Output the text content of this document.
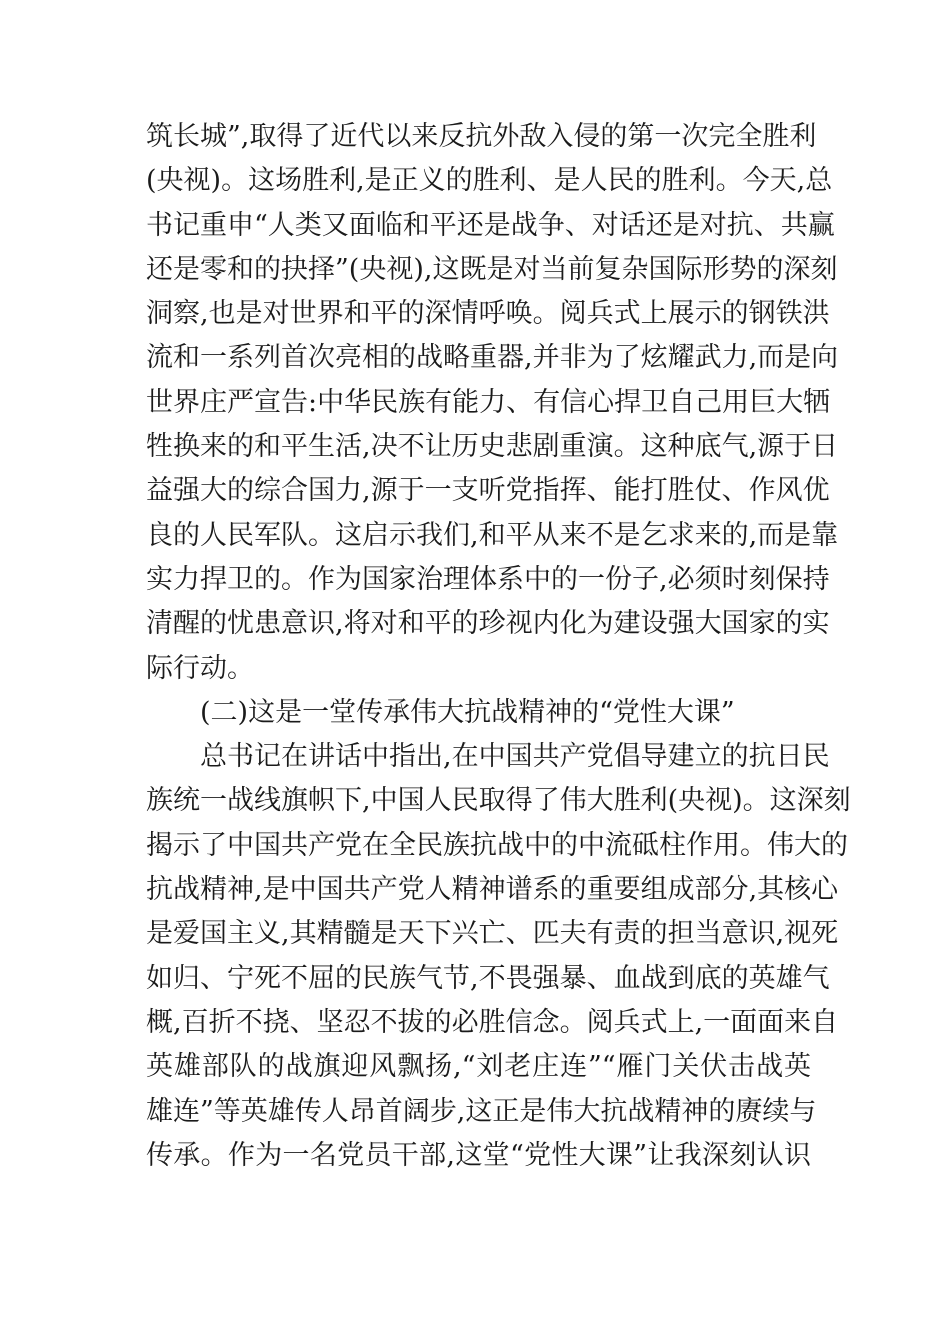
筑长城”,取得了近代以来反抗外敌入侵的第一次完全胜利
(央视)。这场胜利,是正义的胜利、是人民的胜利。今天,总
书记重申“人类又面临和平还是战争、对话还是对抗、共赢
还是零和的抉择”(央视),这既是对当前复杂国际形势的深刻
洞察,也是对世界和平的深情呼唤。阅兵式上展示的钢铁洪
流和一系列首次亮相的战略重器,并非为了炫耀武力,而是向
世界庄严宣告:中华民族有能力、有信心捍卫自己用巨大牺
牲换来的和平生活,决不让历史悲剧重演。这种底气,源于日
益强大的综合国力,源于一支听党指挥、能打胜仗、作风优
良的人民军队。这启示我们,和平从来不是乞求来的,而是靠
实力捍卫的。作为国家治理体系中的一份子,必须时刻保持
清醒的忧患意识,将对和平的珍视内化为建设强大国家的实
际行动。
(二)这是一堂传承伟大抗战精神的“党性大课”
总书记在讲话中指出,在中国共产党倡导建立的抗日民
族统一战线旗帜下,中国人民取得了伟大胜利(央视)。这深刻
揭示了中国共产党在全民族抗战中的中流砥柱作用。伟大的
抗战精神,是中国共产党人精神谱系的重要组成部分,其核心
是爱国主义,其精髓是天下兴亡、匹夫有责的担当意识,视死
如归、宁死不屈的民族气节,不畏强暴、血战到底的英雄气
概,百折不挠、坚忍不拔的必胜信念。阅兵式上,一面面来自
英雄部队的战旗迎风飘扬,“刘老庄连”“雁门关伏击战英
雄连”等英雄传人昂首阔步,这正是伟大抗战精神的赓续与
传承。作为一名党员干部,这堂“党性大课”让我深刻认识
